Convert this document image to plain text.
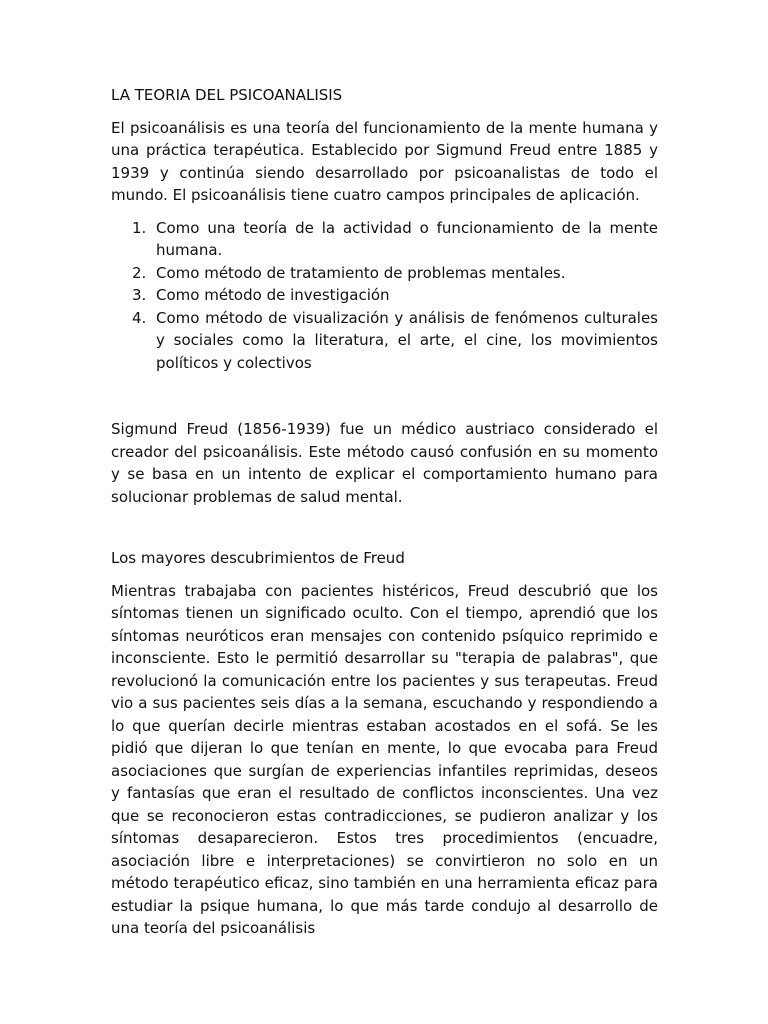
LA TEORIA DEL PSICOANALISIS

El psicoanálisis es una teoría del funcionamiento de la mente humana y una práctica terapéutica. Establecido por Sigmund Freud entre 1885 y 1939 y continúa siendo desarrollado por psicoanalistas de todo el mundo. El psicoanálisis tiene cuatro campos principales de aplicación.

1. Como una teoría de la actividad o funcionamiento de la mente humana.
2. Como método de tratamiento de problemas mentales.
3. Como método de investigación
4. Como método de visualización y análisis de fenómenos culturales y sociales como la literatura, el arte, el cine, los movimientos políticos y colectivos

Sigmund Freud (1856-1939) fue un médico austriaco considerado el creador del psicoanálisis. Este método causó confusión en su momento y se basa en un intento de explicar el comportamiento humano para solucionar problemas de salud mental.

Los mayores descubrimientos de Freud

Mientras trabajaba con pacientes histéricos, Freud descubrió que los síntomas tienen un significado oculto. Con el tiempo, aprendió que los síntomas neuróticos eran mensajes con contenido psíquico reprimido e inconsciente. Esto le permitió desarrollar su "terapia de palabras", que revolucionó la comunicación entre los pacientes y sus terapeutas. Freud vio a sus pacientes seis días a la semana, escuchando y respondiendo a lo que querían decirle mientras estaban acostados en el sofá. Se les pidió que dijeran lo que tenían en mente, lo que evocaba para Freud asociaciones que surgían de experiencias infantiles reprimidas, deseos y fantasías que eran el resultado de conflictos inconscientes. Una vez que se reconocieron estas contradicciones, se pudieron analizar y los síntomas desaparecieron. Estos tres procedimientos (encuadre, asociación libre e interpretaciones) se convirtieron no solo en un método terapéutico eficaz, sino también en una herramienta eficaz para estudiar la psique humana, lo que más tarde condujo al desarrollo de una teoría del psicoanálisis
